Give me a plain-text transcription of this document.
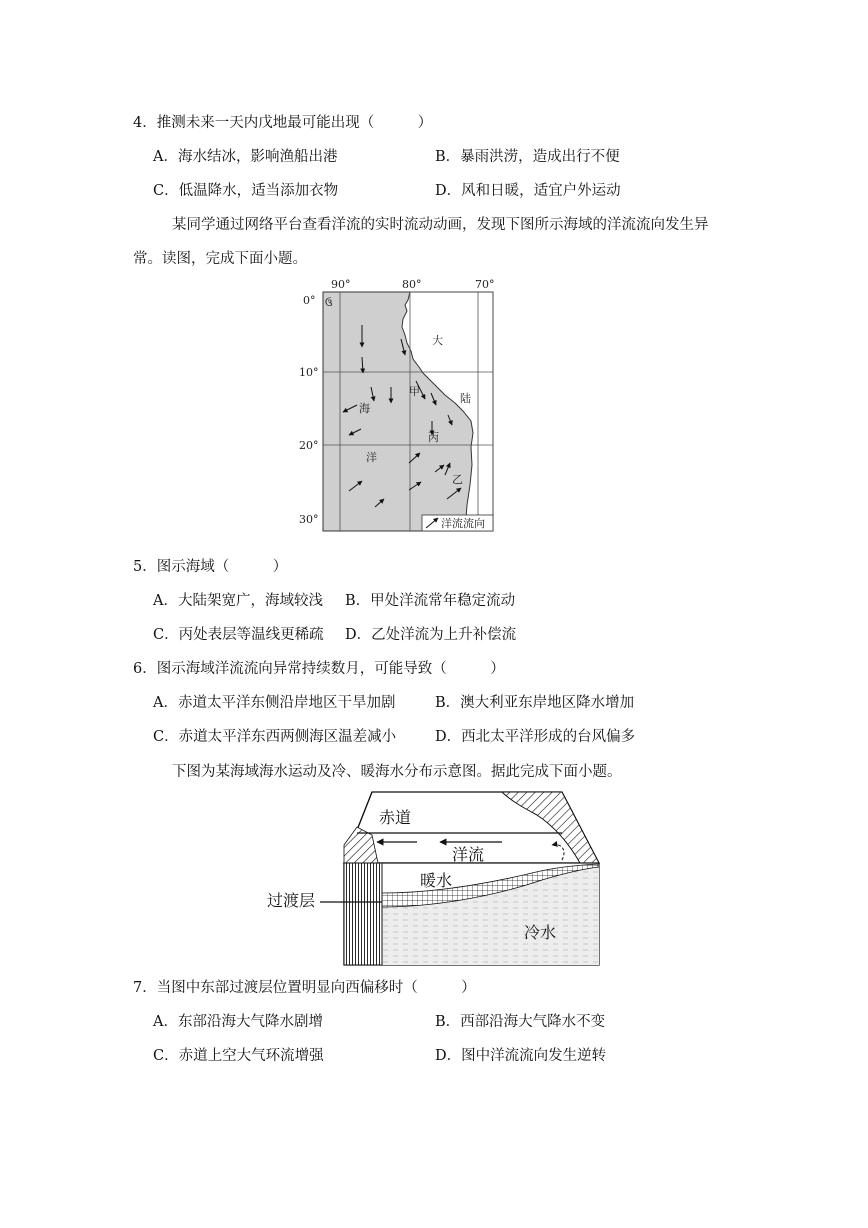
4．推测未来一天内戊地最可能出现（　　　）
A．海水结冰，影响渔船出港	B．暴雨洪涝，造成出行不便
C．低温降水，适当添加衣物	D．风和日暖，适宜户外运动
某同学通过网络平台查看洋流的实时流动动画，发现下图所示海域的洋流流向发生异
常。读图，完成下面小题。
90°	80°	70°
0°
10°
20°
30°
ઉ
大
陆
海
洋
甲
丙
乙
洋流流向
5．图示海域（　　　）
A．大陆架宽广，海域较浅 B．甲处洋流常年稳定流动
C．丙处表层等温线更稀疏 D．乙处洋流为上升补偿流
6．图示海域洋流流向异常持续数月，可能导致（　　　）
A．赤道太平洋东侧沿岸地区干旱加剧	B．澳大利亚东岸地区降水增加
C．赤道太平洋东西两侧海区温差减小	D．西北太平洋形成的台风偏多
下图为某海域海水运动及冷、暖海水分布示意图。据此完成下面小题。
赤道
洋流
暖水
冷水
过渡层
7．当图中东部过渡层位置明显向西偏移时（　　　）
A．东部沿海大气降水剧增	B．西部沿海大气降水不变
C．赤道上空大气环流增强	D．图中洋流流向发生逆转
